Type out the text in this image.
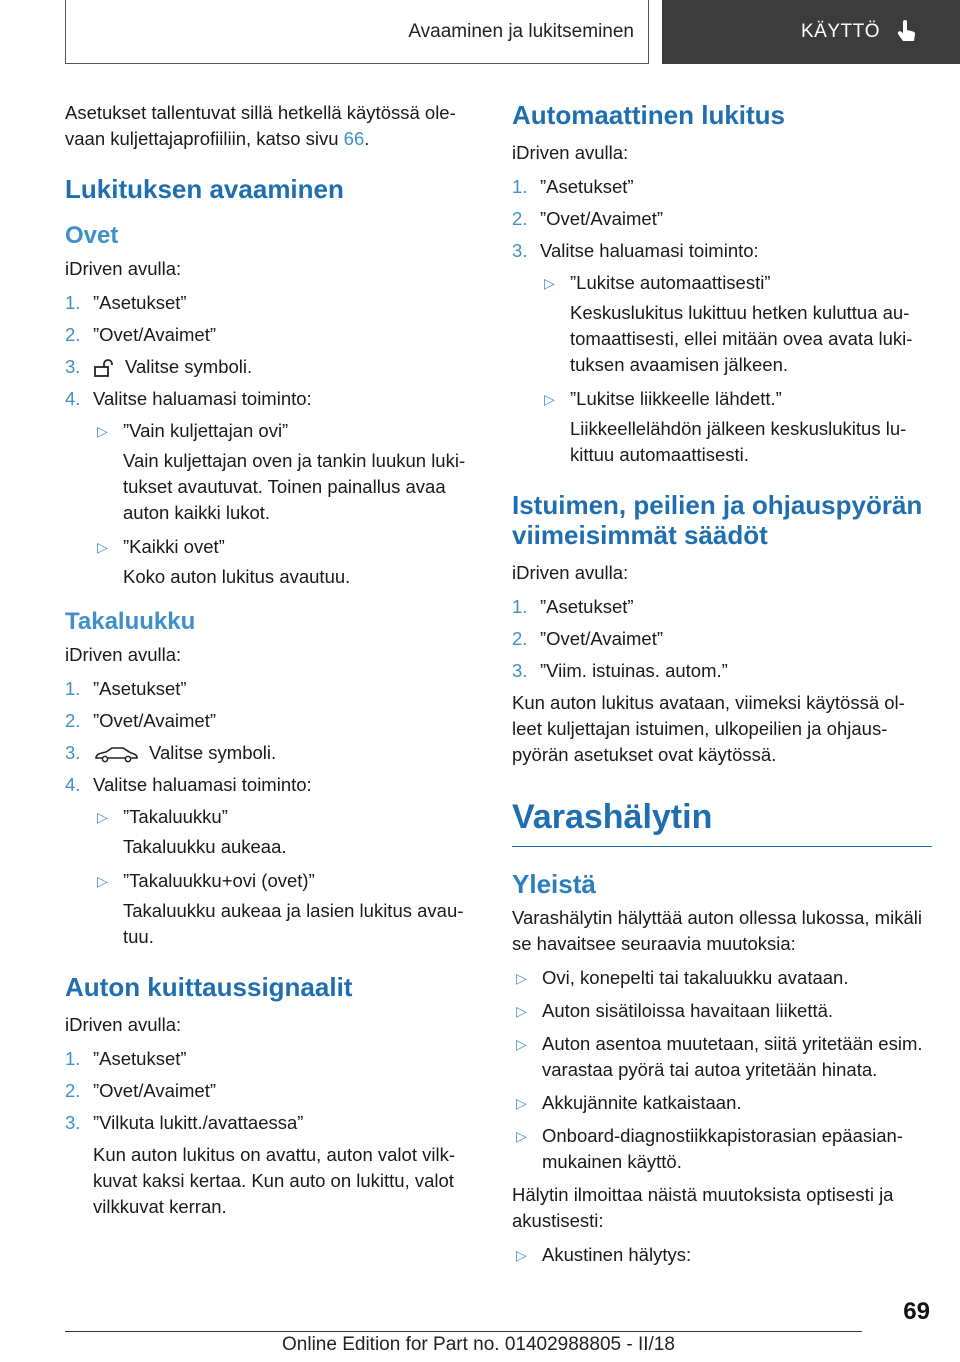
Avaaminen ja lukitseminen	KÄYTTÖ

Asetukset tallentuvat sillä hetkellä käytössä ole-vaan kuljettajaprofiiliin, katso sivu 66.

Lukituksen avaaminen
Ovet

iDriven avulla:

1. ”Asetukset”
2. ”Ovet/Avaimet”
3.	Valitse symboli.
4. Valitse haluamasi toiminto:
▷ ”Vain kuljettajan ovi”
Vain kuljettajan oven ja tankin luukun luki-tukset avautuvat. Toinen painallus avaa auton kaikki lukot.
▷ ”Kaikki ovet”
Koko auton lukitus avautuu.
Takaluukku

iDriven avulla:

1. ”Asetukset”
2. ”Ovet/Avaimet”
3.	Valitse symboli.
4. Valitse haluamasi toiminto:
▷ ”Takaluukku”
Takaluukku aukeaa.
▷ ”Takaluukku+ovi (ovet)”
Takaluukku aukeaa ja lasien lukitus avau-tuu.
Auton kuittaussignaalit

iDriven avulla:

1. ”Asetukset”
2. ”Ovet/Avaimet”
3. ”Vilkuta lukitt./avattaessa”
Kun auton lukitus on avattu, auton valot vilk-kuvat kaksi kertaa. Kun auto on lukittu, valot vilkkuvat kerran.
Automaattinen lukitus

iDriven avulla:

1. ”Asetukset”
2. ”Ovet/Avaimet”
3. Valitse haluamasi toiminto:
▷ ”Lukitse automaattisesti”
Keskuslukitus lukittuu hetken kuluttua au-tomaattisesti, ellei mitään ovea avata luki-tuksen avaamisen jälkeen.
▷ ”Lukitse liikkeelle lähdett.”
Liikkeellelähdön jälkeen keskuslukitus lu-kittuu automaattisesti.
Istuimen, peilien ja ohjauspyörän viimeisimmät säädöt

iDriven avulla:

1. ”Asetukset”
2. ”Ovet/Avaimet”
3. ”Viim. istuinas. autom.”

Kun auton lukitus avataan, viimeksi käytössä ol-leet kuljettajan istuimen, ulkopeilien ja ohjaus-pyörän asetukset ovat käytössä.

Varashälytin
Yleistä

Varashälytin hälyttää auton ollessa lukossa, mikäli se havaitsee seuraavia muutoksia:

▷ Ovi, konepelti tai takaluukku avataan.
▷ Auton sisätiloissa havaitaan liikettä.
▷ Auton asentoa muutetaan, siitä yritetään esim. varastaa pyörä tai autoa yritetään hinata.
▷ Akkujännite katkaistaan.
▷ Onboard-diagnostiikkapistorasian epäasian-mukainen käyttö.

Hälytin ilmoittaa näistä muutoksista optisesti ja akustisesti:

▷ Akustinen hälytys:
69
Online Edition for Part no. 01402988805 - II/18
